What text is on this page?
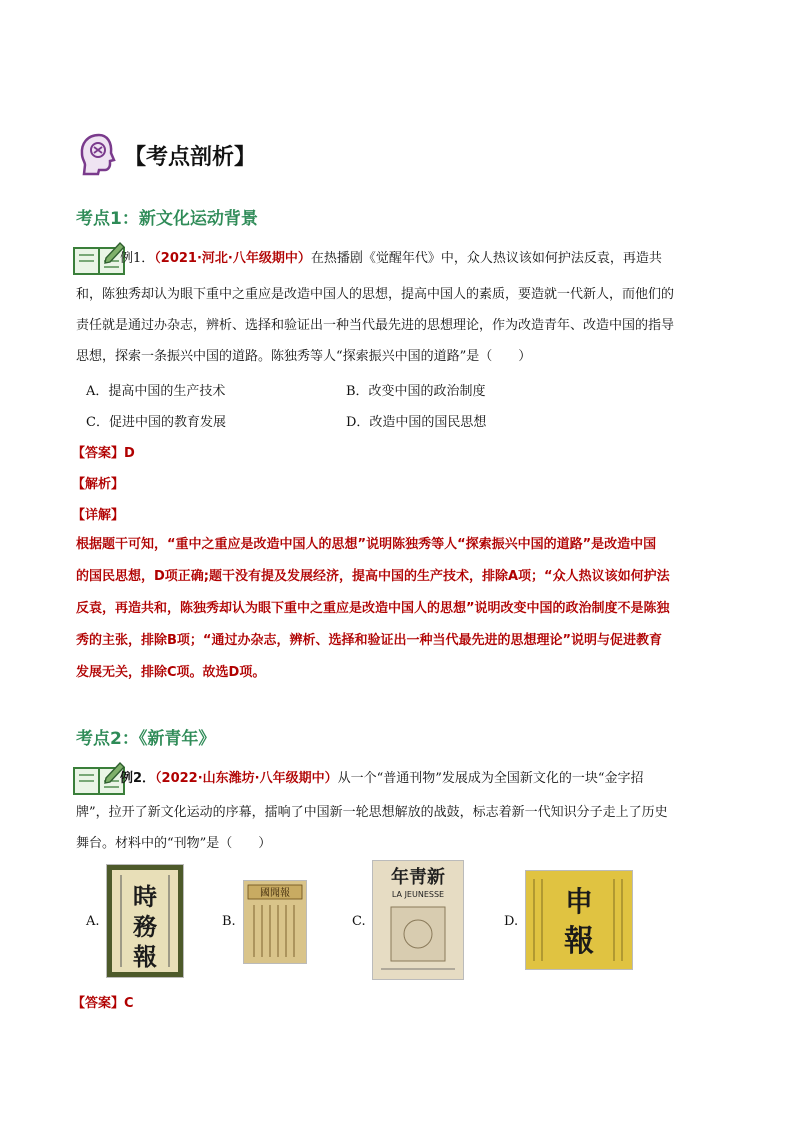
【考点剖析】
考点1：新文化运动背景
例1．（2021·河北·八年级期中）在热播剧《觉醒年代》中，众人热议该如何护法反袁，再造共
和，陈独秀却认为眼下重中之重应是改造中国人的思想，提高中国人的素质，要造就一代新人，而他们的
责任就是通过办杂志，辨析、选择和验证出一种当代最先进的思想理论，作为改造青年、改造中国的指导
思想，探索一条振兴中国的道路。陈独秀等人“探索振兴中国的道路”是（　　）
A．提高中国的生产技术	B．改变中国的政治制度
C．促进中国的教育发展	D．改造中国的国民思想
【答案】D
【解析】
【详解】
根据题干可知，“重中之重应是改造中国人的思想”说明陈独秀等人“探索振兴中国的道路”是改造中国
的国民思想，D项正确;题干没有提及发展经济，提高中国的生产技术，排除A项；“众人热议该如何护法
反袁，再造共和，陈独秀却认为眼下重中之重应是改造中国人的思想”说明改变中国的政治制度不是陈独
秀的主张，排除B项；“通过办杂志，辨析、选择和验证出一种当代最先进的思想理论”说明与促进教育
发展无关，排除C项。故选D项。
考点2：《新青年》
例2．（2022·山东潍坊·八年级期中）从一个“普通刊物”发展成为全国新文化的一块“金字招
牌”，拉开了新文化运动的序幕，擂响了中国新一轮思想解放的战鼓，标志着新一代知识分子走上了历史
舞台。材料中的“刊物”是（　　）
A.
時
務
報
B.
國聞報
C.
年靑新
LA JEUNESSE
D.
申
報
【答案】C
